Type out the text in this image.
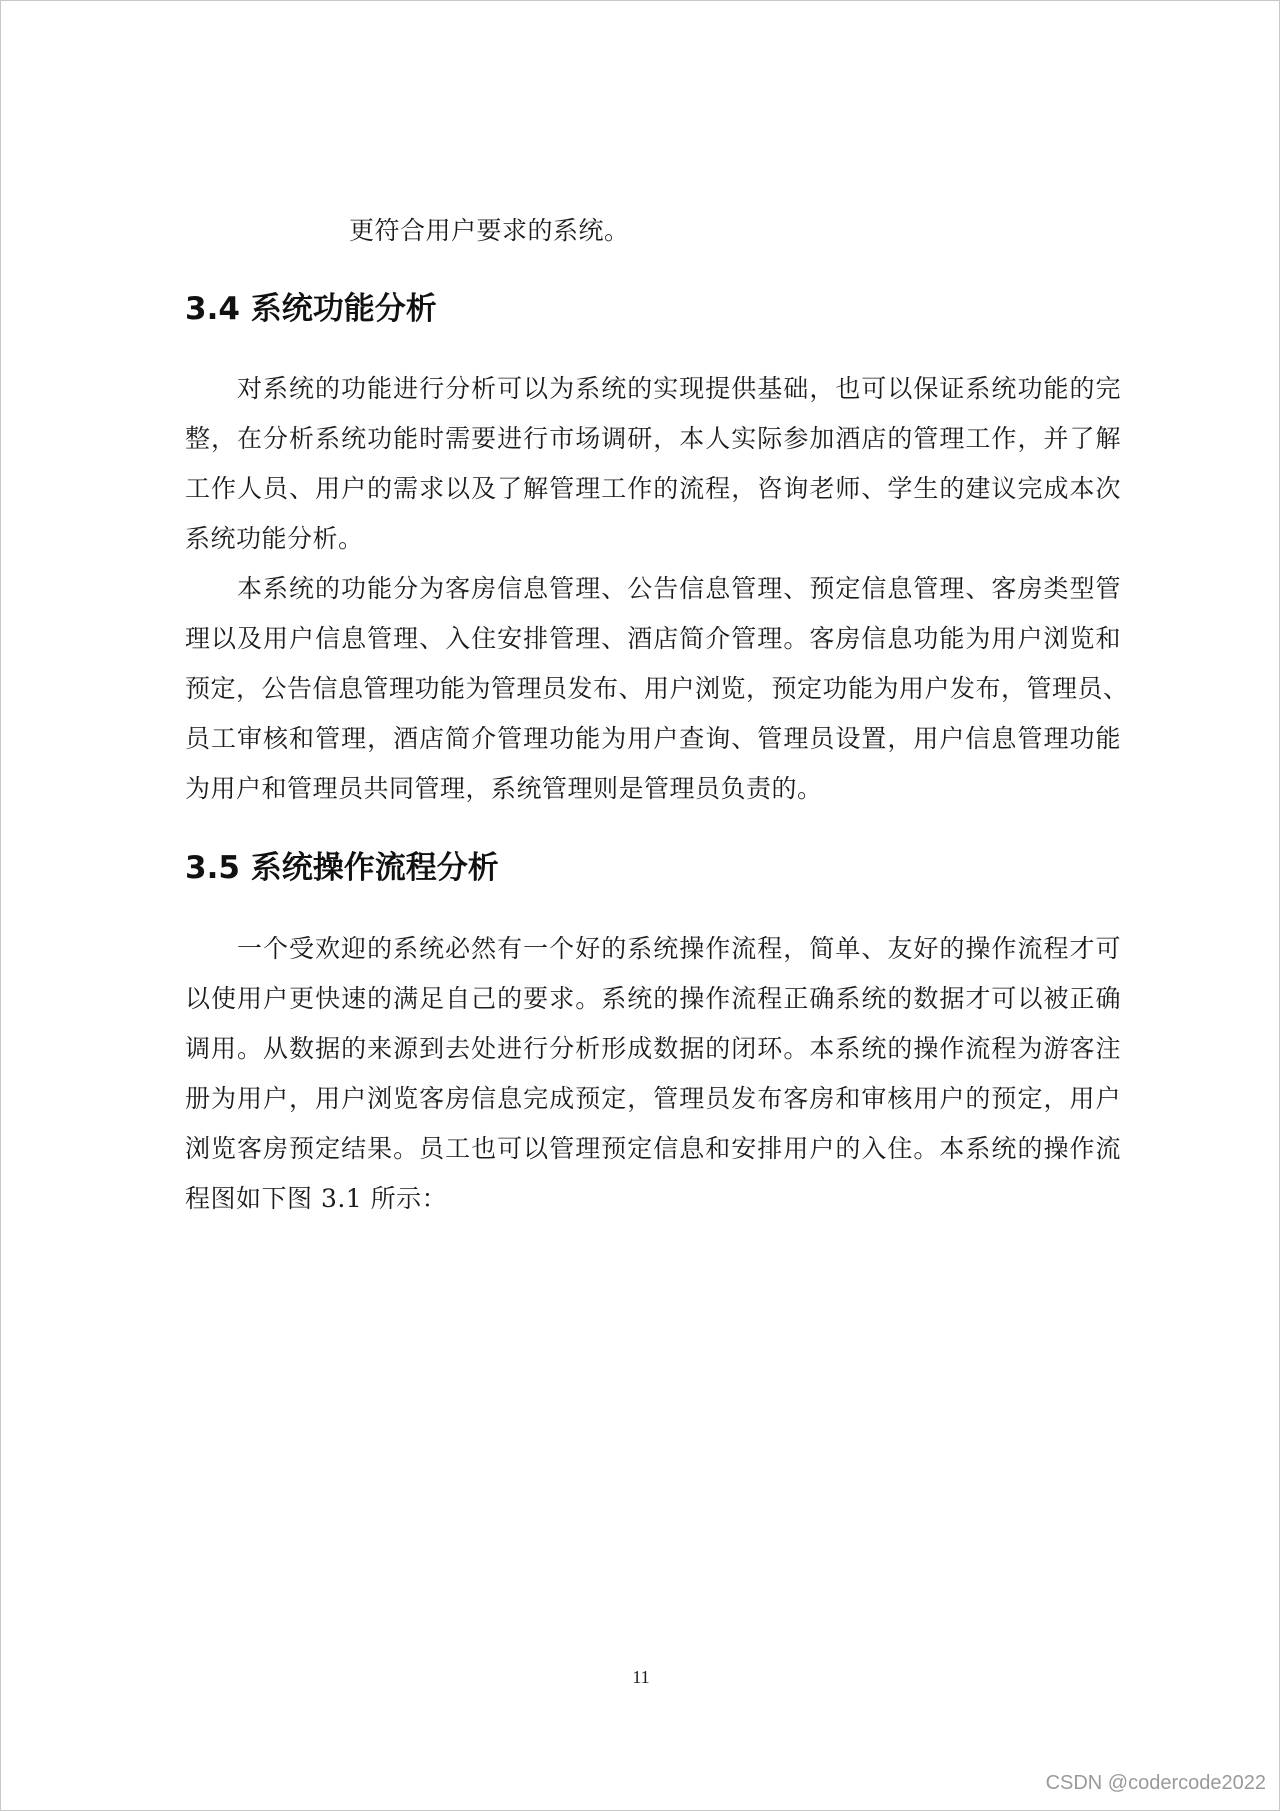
更符合用户要求的系统。
3.4 系统功能分析
对系统的功能进行分析可以为系统的实现提供基础，也可以保证系统功能的完
整，在分析系统功能时需要进行市场调研，本人实际参加酒店的管理工作，并了解
工作人员、用户的需求以及了解管理工作的流程，咨询老师、学生的建议完成本次
系统功能分析。
本系统的功能分为客房信息管理、公告信息管理、预定信息管理、客房类型管
理以及用户信息管理、入住安排管理、酒店简介管理。客房信息功能为用户浏览和
预定，公告信息管理功能为管理员发布、用户浏览，预定功能为用户发布，管理员、
员工审核和管理，酒店简介管理功能为用户查询、管理员设置，用户信息管理功能
为用户和管理员共同管理，系统管理则是管理员负责的。
3.5 系统操作流程分析
一个受欢迎的系统必然有一个好的系统操作流程，简单、友好的操作流程才可
以使用户更快速的满足自己的要求。系统的操作流程正确系统的数据才可以被正确
调用。从数据的来源到去处进行分析形成数据的闭环。本系统的操作流程为游客注
册为用户，用户浏览客房信息完成预定，管理员发布客房和审核用户的预定，用户
浏览客房预定结果。员工也可以管理预定信息和安排用户的入住。本系统的操作流
程图如下图 3.1 所示：
11
CSDN @codercode2022
